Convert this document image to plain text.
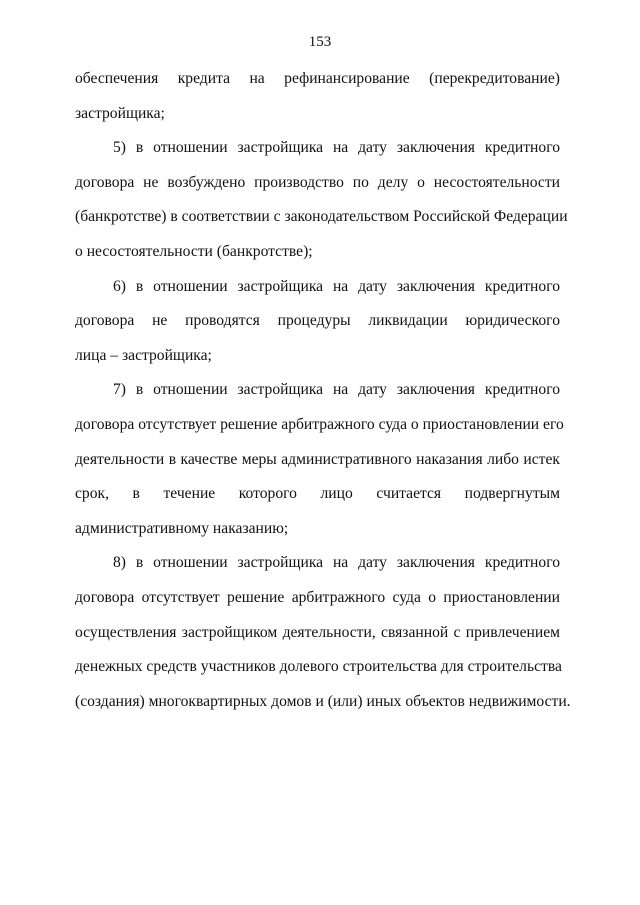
153

обеспечения кредита на рефинансирование (перекредитование)
застройщика;

5) в отношении застройщика на дату заключения кредитного
договора не возбуждено производство по делу о несостоятельности
(банкротстве) в соответствии с законодательством Российской Федерации
о несостоятельности (банкротстве);

6) в отношении застройщика на дату заключения кредитного
договора не проводятся процедуры ликвидации юридического
лица – застройщика;

7) в отношении застройщика на дату заключения кредитного
договора отсутствует решение арбитражного суда о приостановлении его
деятельности в качестве меры административного наказания либо истек
срок, в течение которого лицо считается подвергнутым
административному наказанию;

8) в отношении застройщика на дату заключения кредитного
договора отсутствует решение арбитражного суда о приостановлении
осуществления застройщиком деятельности, связанной с привлечением
денежных средств участников долевого строительства для строительства
(создания) многоквартирных домов и (или) иных объектов недвижимости.
